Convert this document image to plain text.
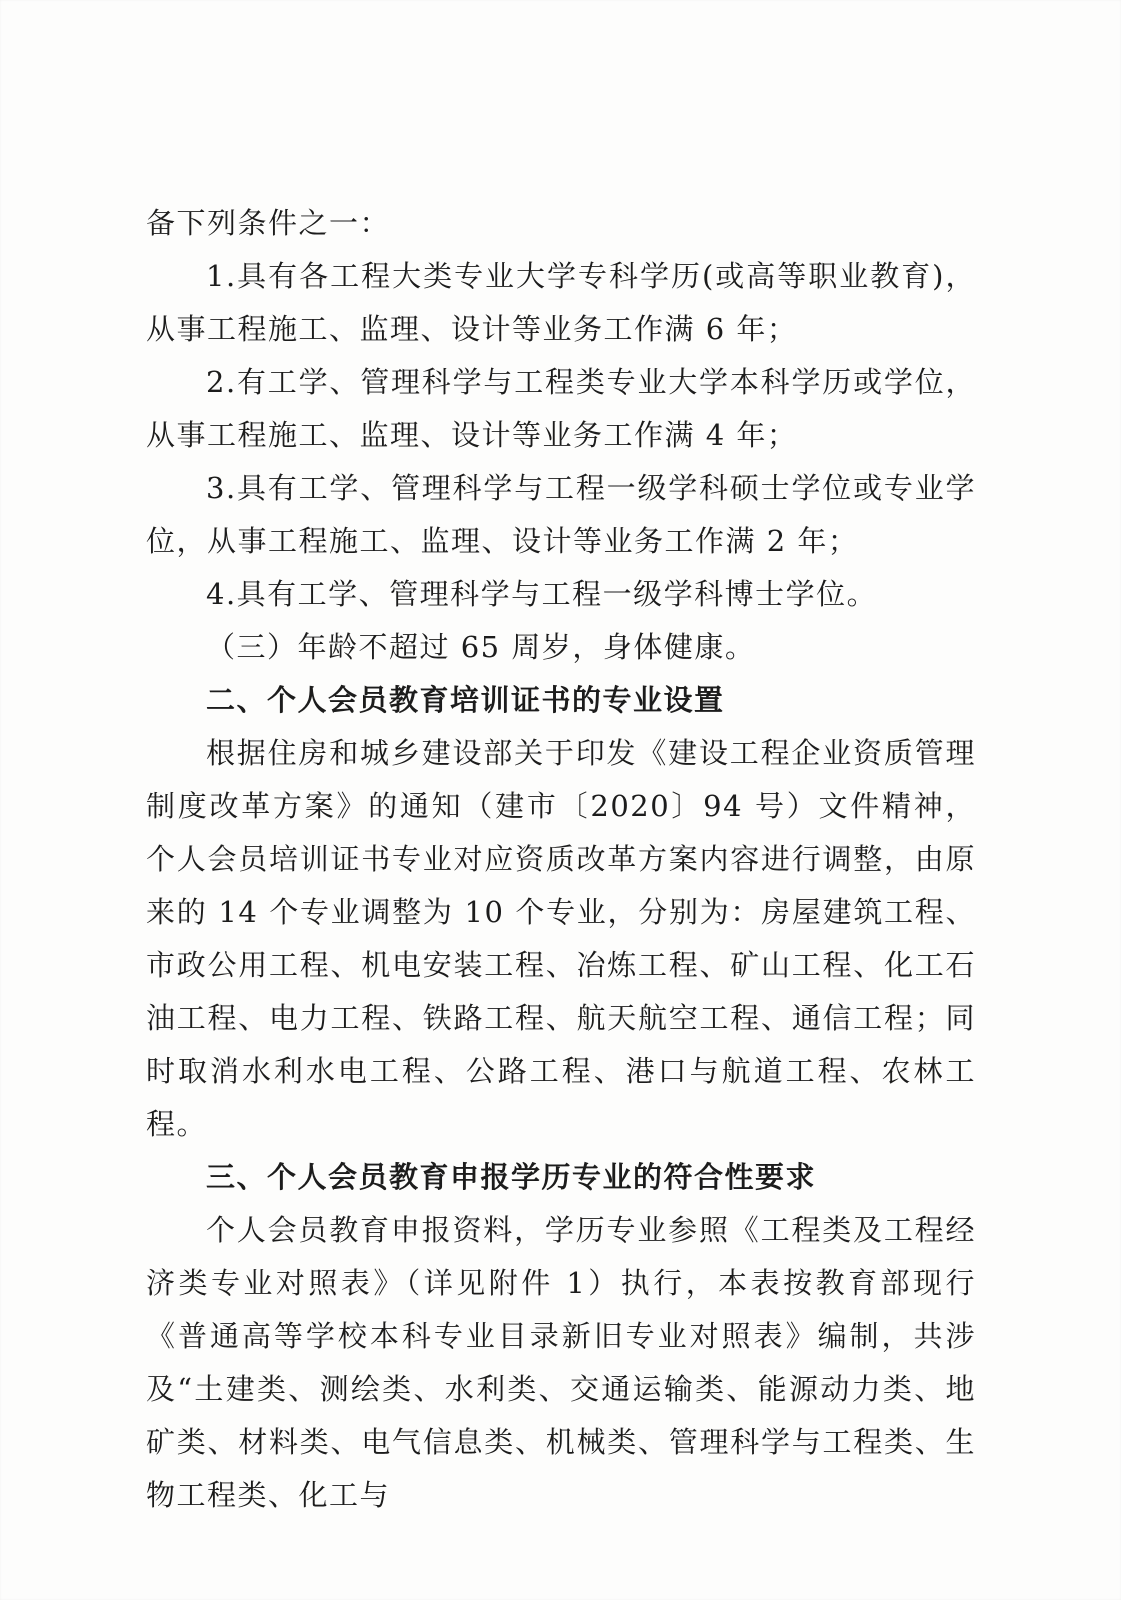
备下列条件之一：

1.具有各工程大类专业大学专科学历(或高等职业教育)，从事工程施工、监理、设计等业务工作满 6 年；

2.有工学、管理科学与工程类专业大学本科学历或学位，从事工程施工、监理、设计等业务工作满 4 年；

3.具有工学、管理科学与工程一级学科硕士学位或专业学位，从事工程施工、监理、设计等业务工作满 2 年；

4.具有工学、管理科学与工程一级学科博士学位。

（三）年龄不超过 65 周岁，身体健康。

二、个人会员教育培训证书的专业设置

根据住房和城乡建设部关于印发《建设工程企业资质管理制度改革方案》的通知（建市〔2020〕94 号）文件精神，个人会员培训证书专业对应资质改革方案内容进行调整，由原来的 14 个专业调整为 10 个专业，分别为：房屋建筑工程、市政公用工程、机电安装工程、冶炼工程、矿山工程、化工石油工程、电力工程、铁路工程、航天航空工程、通信工程；同时取消水利水电工程、公路工程、港口与航道工程、农林工程。

三、个人会员教育申报学历专业的符合性要求

个人会员教育申报资料，学历专业参照《工程类及工程经济类专业对照表》（详见附件 1）执行，本表按教育部现行《普通高等学校本科专业目录新旧专业对照表》编制，共涉及“土建类、测绘类、水利类、交通运输类、能源动力类、地矿类、材料类、电气信息类、机械类、管理科学与工程类、生物工程类、化工与
